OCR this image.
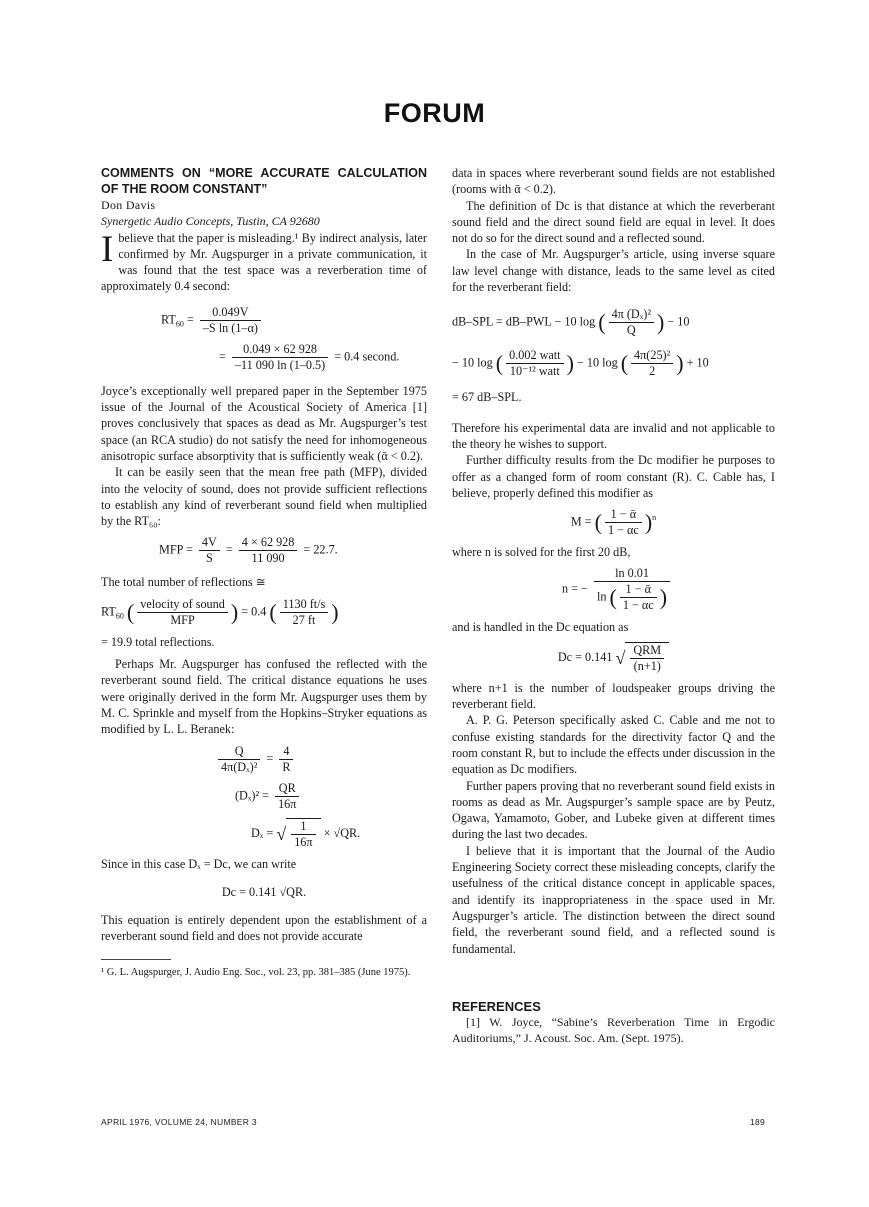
FORUM

COMMENTS ON “MORE ACCURATE CALCULATION OF THE ROOM CONSTANT”

Don Davis

Synergetic Audio Concepts, Tustin, CA 92680

Ibelieve that the paper is misleading.¹ By indirect analysis, later confirmed by Mr. Augspurger in a private communication, it was found that the test space was a reverberation time of approximately 0.4 second:

$RT_{60} = \frac{0.049V}{\text{–S ln (1–α)}}$
= $\frac{0.049 \times 62 928}{-11 090 \ln (1-0.5)} = 0.4$ second.

Joyce’s exceptionally well prepared paper in the September 1975 issue of the Journal of the Acoustical Society of America [1] proves conclusively that spaces as dead as Mr. Augspurger’s test space (an RCA studio) do not satisfy the need for inhomogeneous anisotropic surface absorptivity that is sufficiently weak (ᾱ < 0.2).

It can be easily seen that the mean free path (MFP), divided into the velocity of sound, does not provide sufficient reflections to establish any kind of reverberant sound field when multiplied by the RT₆₀:

MFP = $\frac{4V}{S} = \frac{4 \times 62 928}{11 090} = 22.7$.

The total number of reflections ≅

$RT_{60}$ ( $\frac{\text{velocity of sound}}{\text{MFP}}$ ) = 0.4 ( $\frac{1130 ft/s}{27 ft}$ )

= 19.9 total reflections.

Perhaps Mr. Augspurger has confused the reflected with the reverberant sound field. The critical distance equations he uses were originally derived in the form Mr. Augspurger uses them by M. C. Sprinkle and myself from the Hopkins–Stryker equations as modified by L. L. Beranek:

$\frac{Q}{\text{4π(Dₓ)²}} = \frac{4}{R}$
$(D_x)^2 = \frac{QR}{16\pi}$
Dₓ = √ $\frac{1}{16\pi} \times √QR$.

Since in this case Dₓ = Dc, we can write

Dc = 0.141 √QR.

This equation is entirely dependent upon the establishment of a reverberant sound field and does not provide accurate

¹ G. L. Augspurger, J. Audio Eng. Soc., vol. 23, pp. 381–385 (June 1975).

data in spaces where reverberant sound fields are not established (rooms with ᾱ < 0.2).

The definition of Dc is that distance at which the reverberant sound field and the direct sound field are equal in level. It does not do so for the direct sound and a reflected sound.

In the case of Mr. Augspurger’s article, using inverse square law level change with distance, leads to the same level as cited for the reverberant field:

dB–SPL = dB–PWL − 10 log ( $\frac{\text{4π (Dₓ)²}}{Q}$ ) − 10
− 10 log ( $\frac{\text{0.002 watt}}{\text{10⁻¹² watt}}$ ) − 10 log ( $\frac{\text{4π(25)²}}{2}$ ) + 10
= 67 dB–SPL.

Therefore his experimental data are invalid and not applicable to the theory he wishes to support.

Further difficulty results from the Dc modifier he purposes to offer as a changed form of room constant (R). C. Cable has, I believe, properly defined this modifier as

M = ( $\frac{\text{1 − ᾱ}}{1 - \alpha c} )^n$

where n is solved for the first 20 dB,

n = − $\frac{\ln 0.01}{\ln ( \frac{\text{1 − ᾱ}}{1 - \alpha c} )}$

and is handled in the Dc equation as

Dc = 0.141 √ $\frac{\text{QRM}}{(n+1)}$

where n+1 is the number of loudspeaker groups driving the reverberant field.

A. P. G. Peterson specifically asked C. Cable and me not to confuse existing standards for the directivity factor Q and the room constant R, but to include the effects under discussion in the equation as Dc modifiers.

Further papers proving that no reverberant sound field exists in rooms as dead as Mr. Augspurger’s sample space are by Peutz, Ogawa, Yamamoto, Gober, and Lubeke given at different times during the last two decades.

I believe that it is important that the Journal of the Audio Engineering Society correct these misleading concepts, clarify the usefulness of the critical distance concept in applicable spaces, and identify its inappropriateness in the space used in Mr. Augspurger’s article. The distinction between the direct sound field, the reverberant sound field, and a reflected sound is fundamental.

REFERENCES

[1] W. Joyce, “Sabine’s Reverberation Time in Ergodic Auditoriums,” J. Acoust. Soc. Am. (Sept. 1975).

APRIL 1976, VOLUME 24, NUMBER 3	189
